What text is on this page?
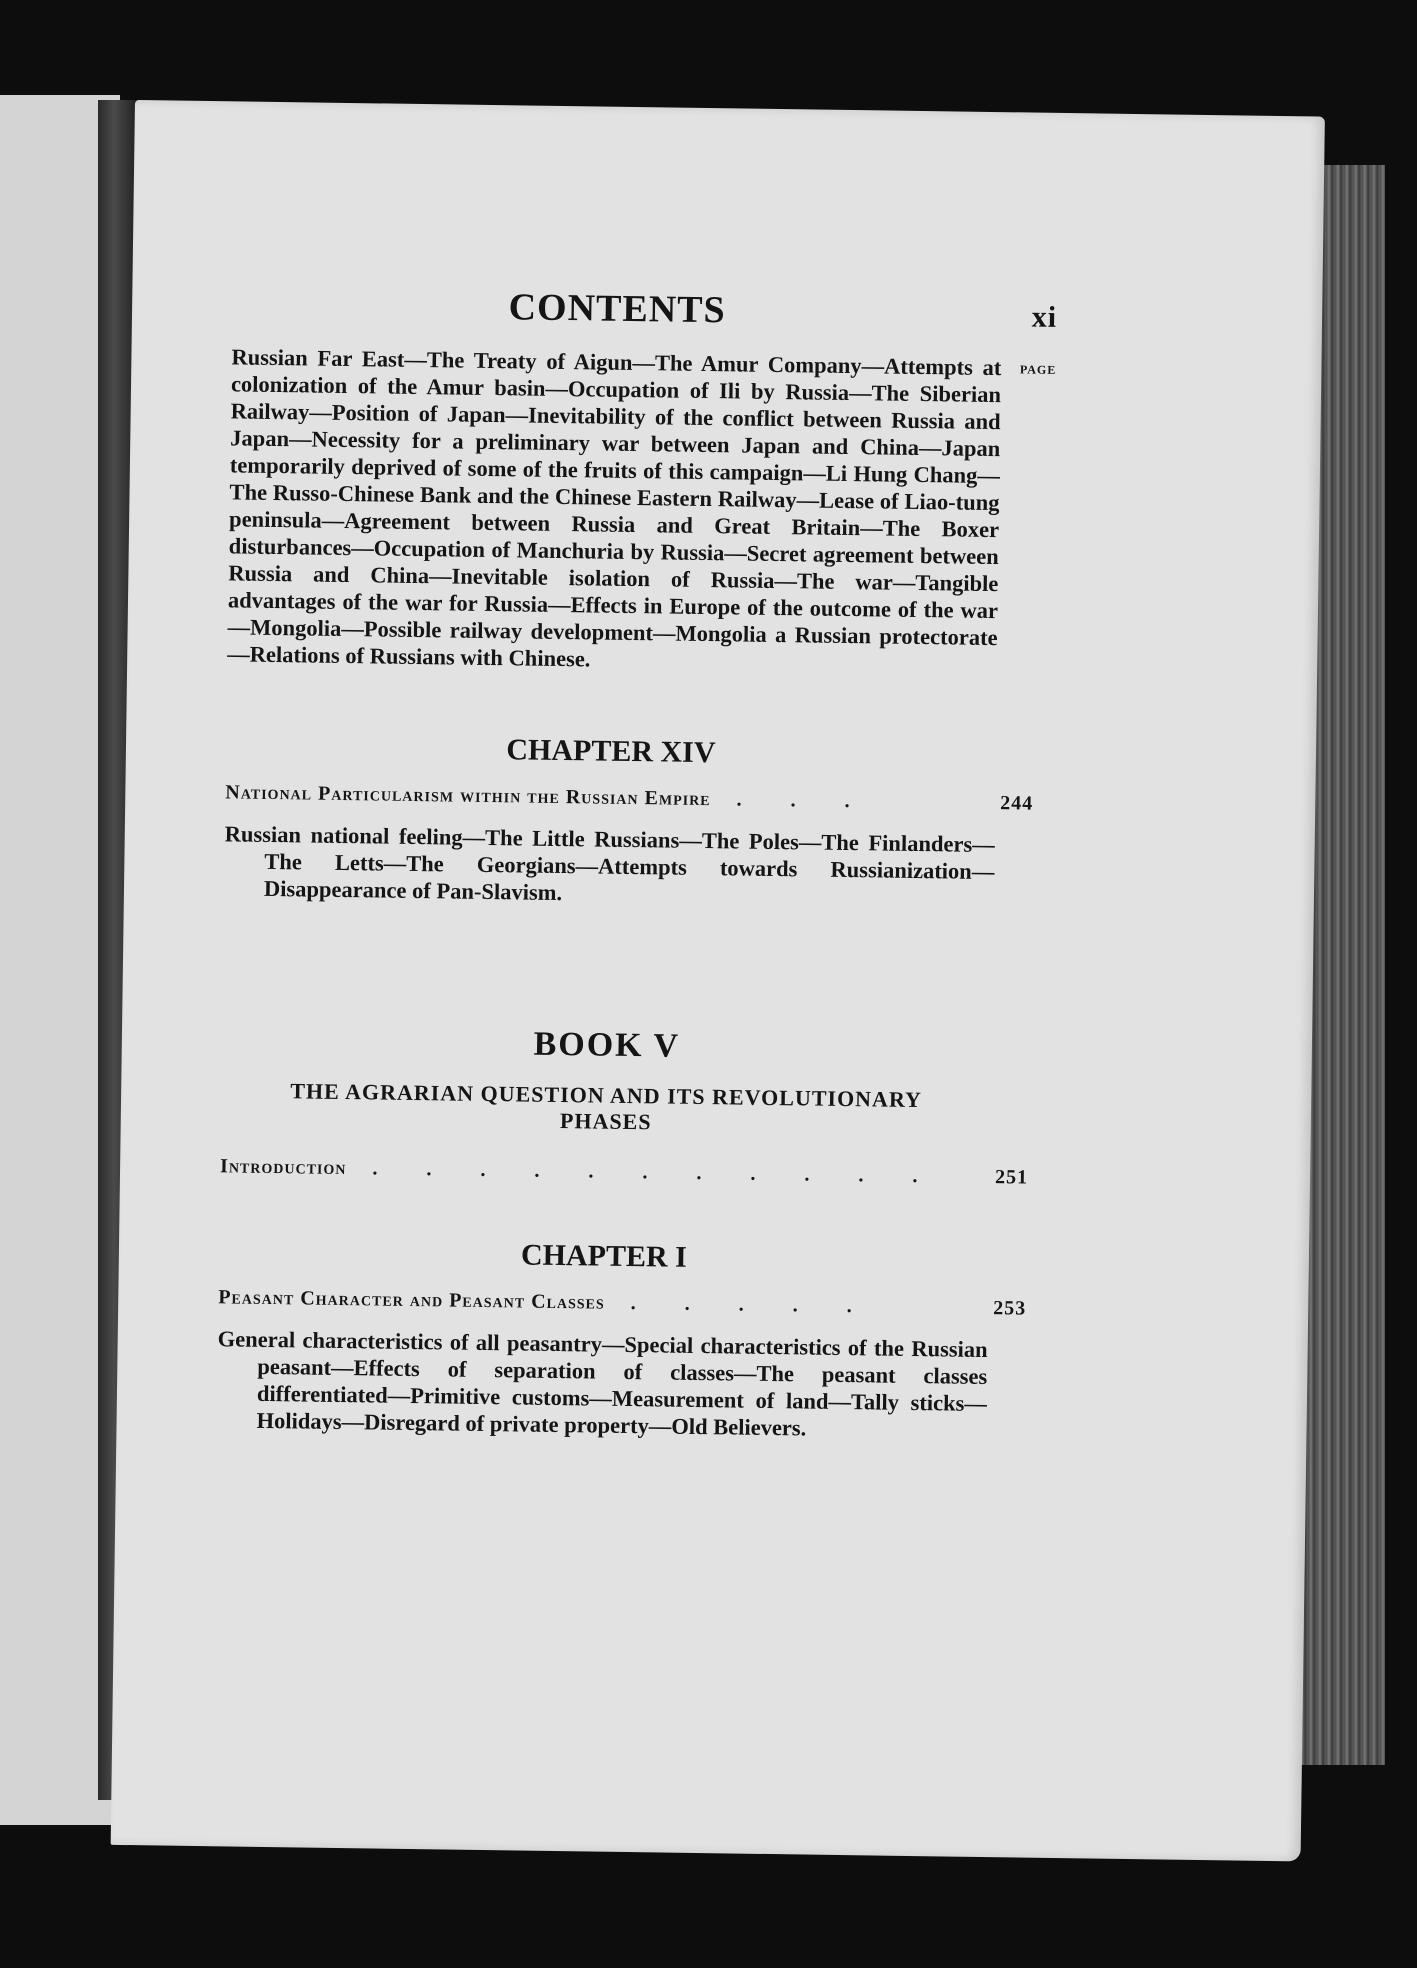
CONTENTS	xi
PAGE

Russian Far East—The Treaty of Aigun—The Amur Company—Attempts at colonization of the Amur basin—Occupation of Ili by Russia—The Siberian Railway—Position of Japan—Inevitability of the conflict between Russia and Japan—Necessity for a preliminary war between Japan and China—Japan temporarily deprived of some of the fruits of this campaign—Li Hung Chang—The Russo-Chinese Bank and the Chinese Eastern Railway—Lease of Liao-tung peninsula—Agreement between Russia and Great Britain—The Boxer disturbances—Occupation of Manchuria by Russia—Secret agreement between Russia and China—Inevitable isolation of Russia—The war—Tangible advantages of the war for Russia—Effects in Europe of the outcome of the war—Mongolia—Possible railway development—Mongolia a Russian protectorate—Relations of Russians with Chinese.

CHAPTER XIV

National Particularism within the Russian Empire	. . .	244

Russian national feeling—The Little Russians—The Poles—The Finlanders—The Letts—The Georgians—Attempts towards Russianization—Disappearance of Pan-Slavism.

BOOK V

THE AGRARIAN QUESTION AND ITS REVOLUTIONARY

PHASES

Introduction	. . . . . . . . . . .	251

CHAPTER I

Peasant Character and Peasant Classes	. . . . .	253

General characteristics of all peasantry—Special characteristics of the Russian peasant—Effects of separation of classes—The peasant classes differentiated—Primitive customs—Measurement of land—Tally sticks—Holidays—Disregard of private property—Old Believers.
